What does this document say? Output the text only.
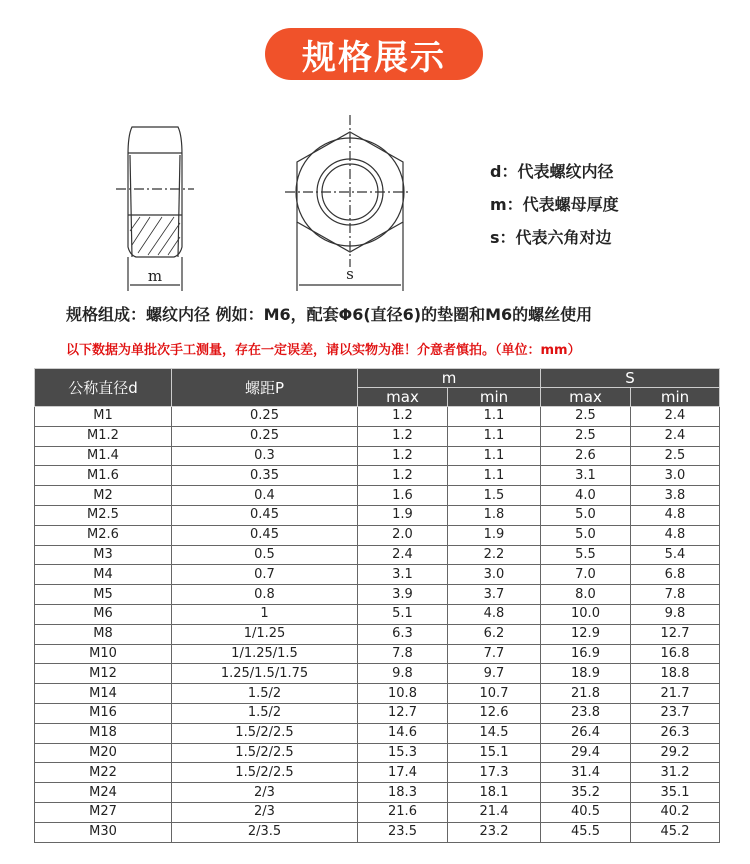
规格展示
m	s
d：代表螺纹内径
m：代表螺母厚度
s：代表六角对边
规格组成：螺纹内径 例如：M6，配套Φ6(直径6)的垫圈和M6的螺丝使用
以下数据为单批次手工测量，存在一定误差，请以实物为准！介意者慎拍。（单位：mm）
公称直径d	螺距P	m		S	
		max	min	max	min
M1	0.25	1.2	1.1	2.5	2.4
M1.2	0.25	1.2	1.1	2.5	2.4
M1.4	0.3	1.2	1.1	2.6	2.5
M1.6	0.35	1.2	1.1	3.1	3.0
M2	0.4	1.6	1.5	4.0	3.8
M2.5	0.45	1.9	1.8	5.0	4.8
M2.6	0.45	2.0	1.9	5.0	4.8
M3	0.5	2.4	2.2	5.5	5.4
M4	0.7	3.1	3.0	7.0	6.8
M5	0.8	3.9	3.7	8.0	7.8
M6	1	5.1	4.8	10.0	9.8
M8	1/1.25	6.3	6.2	12.9	12.7
M10	1/1.25/1.5	7.8	7.7	16.9	16.8
M12	1.25/1.5/1.75	9.8	9.7	18.9	18.8
M14	1.5/2	10.8	10.7	21.8	21.7
M16	1.5/2	12.7	12.6	23.8	23.7
M18	1.5/2/2.5	14.6	14.5	26.4	26.3
M20	1.5/2/2.5	15.3	15.1	29.4	29.2
M22	1.5/2/2.5	17.4	17.3	31.4	31.2
M24	2/3	18.3	18.1	35.2	35.1
M27	2/3	21.6	21.4	40.5	40.2
M30	2/3.5	23.5	23.2	45.5	45.2
